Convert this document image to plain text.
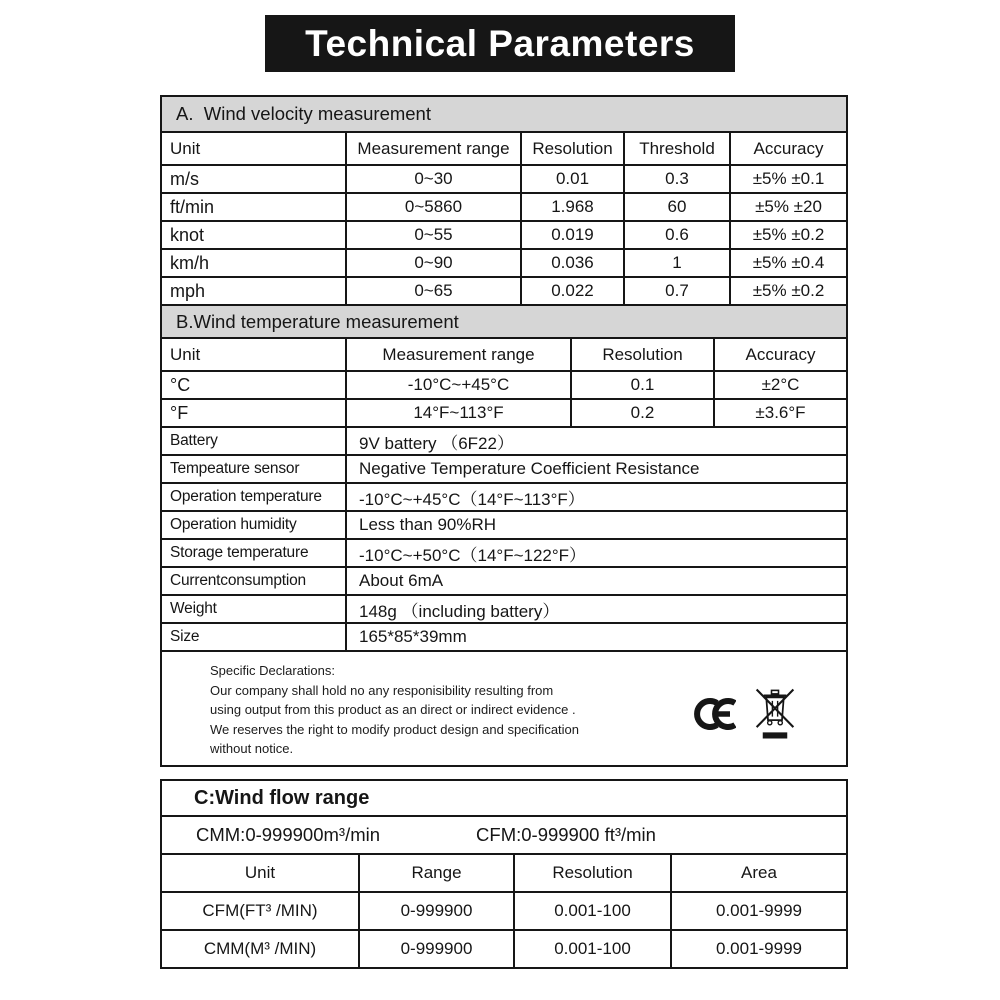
Technical Parameters
A.  Wind velocity measurement
Unit	Measurement range	Resolution	Threshold	Accuracy
m/s	0~30	0.01	0.3	±5% ±0.1
ft/min	0~5860	1.968	60	±5% ±20
knot	0~55	0.019	0.6	±5% ±0.2
km/h	0~90	0.036	1	±5% ±0.4
mph	0~65	0.022	0.7	±5% ±0.2
B.Wind temperature measurement
Unit	Measurement range	Resolution	Accuracy
°C	-10°C~+45°C	0.1	±2°C
°F	14°F~113°F	0.2	±3.6°F
Battery	9V battery （6F22）
Tempeature sensor	Negative Temperature Coefficient Resistance
Operation temperature	-10°C~+45°C（14°F~113°F）
Operation humidity	Less than 90%RH
Storage temperature	-10°C~+50°C（14°F~122°F）
Currentconsumption	About 6mA
Weight	148g （including battery）
Size	165*85*39mm
Specific Declarations:
Our company shall hold no any responisibility resulting from
using output from this product as an direct or indirect evidence .
We reserves the right to modify product design and specification
without notice.
C:Wind flow range
CMM:0-999900m³/min	CFM:0-999900 ft³/min
Unit	Range	Resolution	Area
CFM(FT³ /MIN)	0-999900	0.001-100	0.001-9999
CMM(M³ /MIN)	0-999900	0.001-100	0.001-9999
